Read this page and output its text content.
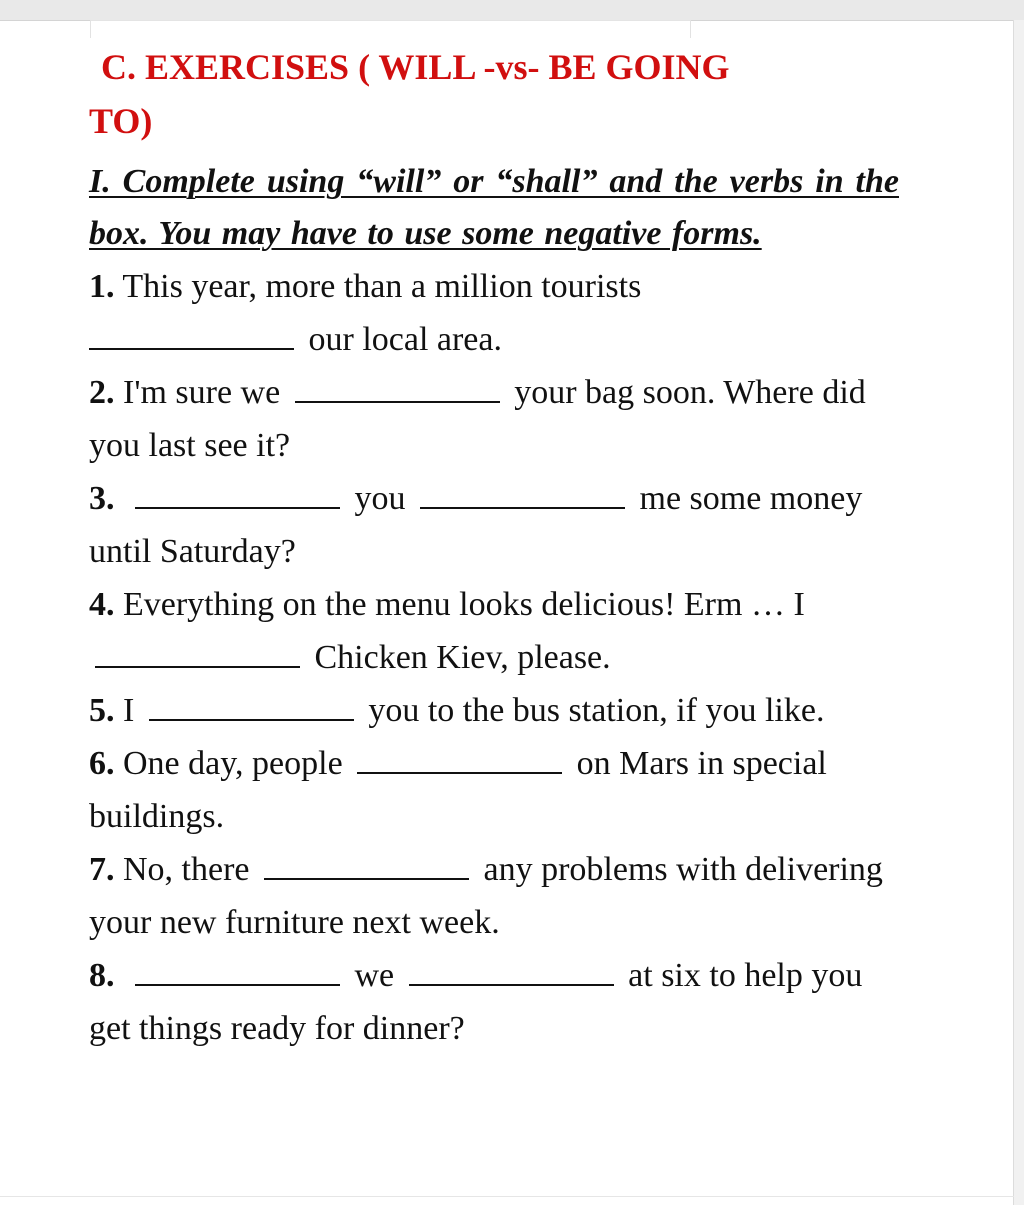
C. EXERCISES ( WILL -vs- BE GOING
TO)

I. Complete using “will” or “shall” and the verbs in the box. You may have to use some negative forms.

1. This year, more than a million tourists
our local area.

2. I'm sure we	your bag soon. Where did you last see it?

3.	you	me some money until Saturday?

4. Everything on the menu looks delicious! Erm … I  Chicken Kiev, please.

5. I	you to the bus station, if you like.

6. One day, people	on Mars in special buildings.

7. No, there	any problems with delivering your new furniture next week.

8.	we	at six to help you get things ready for dinner?
